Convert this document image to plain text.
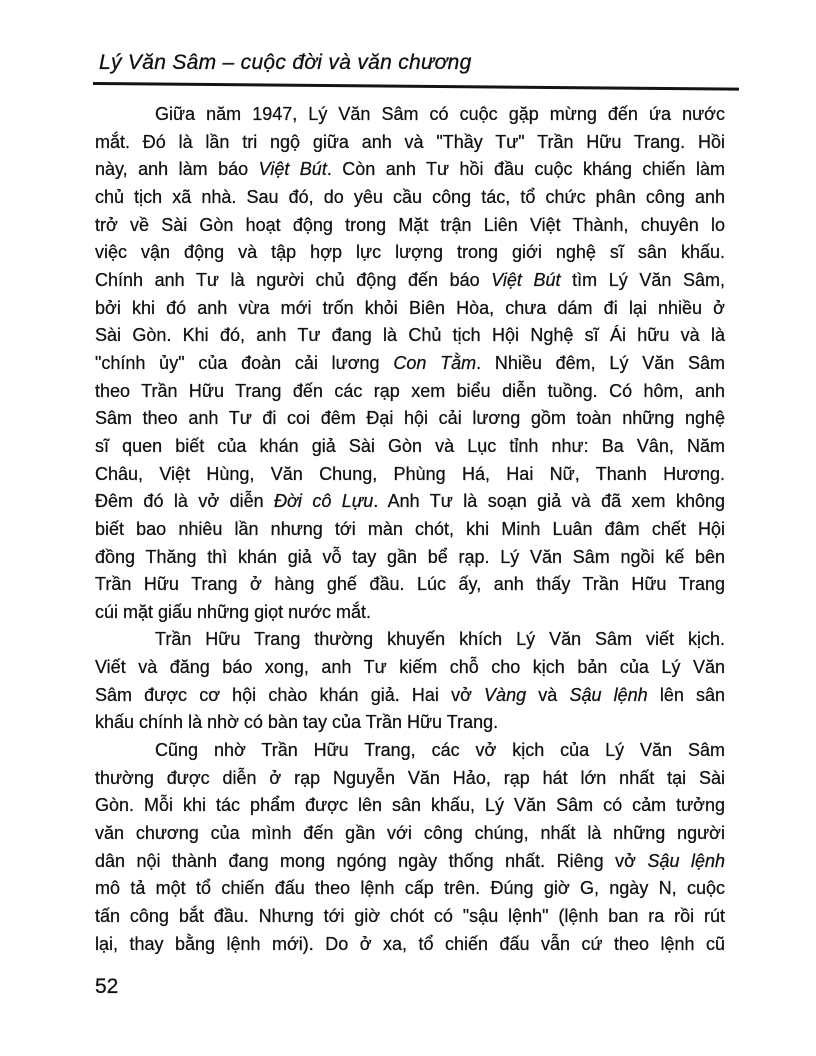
Lý Văn Sâm – cuộc đời và văn chương
Giữa năm 1947, Lý Văn Sâm có cuộc gặp mừng đến ứa nước
mắt. Đó là lần tri ngộ giữa anh và "Thầy Tư" Trần Hữu Trang. Hồi
này, anh làm báo Việt Bút. Còn anh Tư hồi đầu cuộc kháng chiến làm
chủ tịch xã nhà. Sau đó, do yêu cầu công tác, tổ chức phân công anh
trở về Sài Gòn hoạt động trong Mặt trận Liên Việt Thành, chuyên lo
việc vận động và tập hợp lực lượng trong giới nghệ sĩ sân khấu.
Chính anh Tư là người chủ động đến báo Việt Bút tìm Lý Văn Sâm,
bởi khi đó anh vừa mới trốn khỏi Biên Hòa, chưa dám đi lại nhiều ở
Sài Gòn. Khi đó, anh Tư đang là Chủ tịch Hội Nghệ sĩ Ái hữu và là
"chính ủy" của đoàn cải lương Con Tằm. Nhiều đêm, Lý Văn Sâm
theo Trần Hữu Trang đến các rạp xem biểu diễn tuồng. Có hôm, anh
Sâm theo anh Tư đi coi đêm Đại hội cải lương gồm toàn những nghệ
sĩ quen biết của khán giả Sài Gòn và Lục tỉnh như: Ba Vân, Năm
Châu, Việt Hùng, Văn Chung, Phùng Há, Hai Nữ, Thanh Hương.
Đêm đó là vở diễn Đời cô Lựu. Anh Tư là soạn giả và đã xem không
biết bao nhiêu lần nhưng tới màn chót, khi Minh Luân đâm chết Hội
đồng Thăng thì khán giả vỗ tay gần bể rạp. Lý Văn Sâm ngồi kế bên
Trần Hữu Trang ở hàng ghế đầu. Lúc ấy, anh thấy Trần Hữu Trang
cúi mặt giấu những giọt nước mắt.
Trần Hữu Trang thường khuyến khích Lý Văn Sâm viết kịch.
Viết và đăng báo xong, anh Tư kiếm chỗ cho kịch bản của Lý Văn
Sâm được cơ hội chào khán giả. Hai vở Vàng và Sậu lệnh lên sân
khấu chính là nhờ có bàn tay của Trần Hữu Trang.
Cũng nhờ Trần Hữu Trang, các vở kịch của Lý Văn Sâm
thường được diễn ở rạp Nguyễn Văn Hảo, rạp hát lớn nhất tại Sài
Gòn. Mỗi khi tác phẩm được lên sân khấu, Lý Văn Sâm có cảm tưởng
văn chương của mình đến gần với công chúng, nhất là những người
dân nội thành đang mong ngóng ngày thống nhất. Riêng vở Sậu lệnh
mô tả một tổ chiến đấu theo lệnh cấp trên. Đúng giờ G, ngày N, cuộc
tấn công bắt đầu. Nhưng tới giờ chót có "sậu lệnh" (lệnh ban ra rồi rút
lại, thay bằng lệnh mới). Do ở xa, tổ chiến đấu vẫn cứ theo lệnh cũ
52
